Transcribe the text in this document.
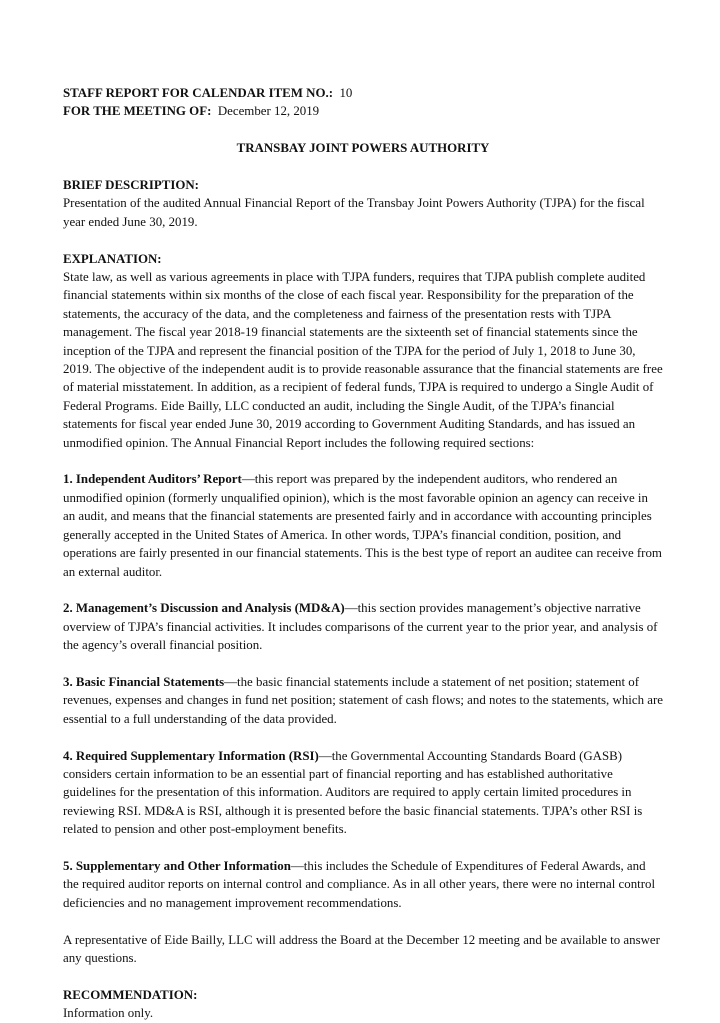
STAFF REPORT FOR CALENDAR ITEM NO.: 10

FOR THE MEETING OF: December 12, 2019

TRANSBAY JOINT POWERS AUTHORITY

BRIEF DESCRIPTION:

Presentation of the audited Annual Financial Report of the Transbay Joint Powers Authority (TJPA) for the fiscal year ended June 30, 2019.

EXPLANATION:

State law, as well as various agreements in place with TJPA funders, requires that TJPA publish complete audited financial statements within six months of the close of each fiscal year. Responsibility for the preparation of the statements, the accuracy of the data, and the completeness and fairness of the presentation rests with TJPA management. The fiscal year 2018-19 financial statements are the sixteenth set of financial statements since the inception of the TJPA and represent the financial position of the TJPA for the period of July 1, 2018 to June 30, 2019. The objective of the independent audit is to provide reasonable assurance that the financial statements are free of material misstatement. In addition, as a recipient of federal funds, TJPA is required to undergo a Single Audit of Federal Programs. Eide Bailly, LLC conducted an audit, including the Single Audit, of the TJPA’s financial statements for fiscal year ended June 30, 2019 according to Government Auditing Standards, and has issued an unmodified opinion. The Annual Financial Report includes the following required sections:

1. Independent Auditors’ Report—this report was prepared by the independent auditors, who rendered an unmodified opinion (formerly unqualified opinion), which is the most favorable opinion an agency can receive in an audit, and means that the financial statements are presented fairly and in accordance with accounting principles generally accepted in the United States of America. In other words, TJPA’s financial condition, position, and operations are fairly presented in our financial statements. This is the best type of report an auditee can receive from an external auditor.

2. Management’s Discussion and Analysis (MD&A)—this section provides management’s objective narrative overview of TJPA’s financial activities. It includes comparisons of the current year to the prior year, and analysis of the agency’s overall financial position.

3. Basic Financial Statements—the basic financial statements include a statement of net position; statement of revenues, expenses and changes in fund net position; statement of cash flows; and notes to the statements, which are essential to a full understanding of the data provided.

4. Required Supplementary Information (RSI)—the Governmental Accounting Standards Board (GASB) considers certain information to be an essential part of financial reporting and has established authoritative guidelines for the presentation of this information. Auditors are required to apply certain limited procedures in reviewing RSI. MD&A is RSI, although it is presented before the basic financial statements. TJPA’s other RSI is related to pension and other post-employment benefits.

5. Supplementary and Other Information—this includes the Schedule of Expenditures of Federal Awards, and the required auditor reports on internal control and compliance. As in all other years, there were no internal control deficiencies and no management improvement recommendations.

A representative of Eide Bailly, LLC will address the Board at the December 12 meeting and be available to answer any questions.

RECOMMENDATION:

Information only.
